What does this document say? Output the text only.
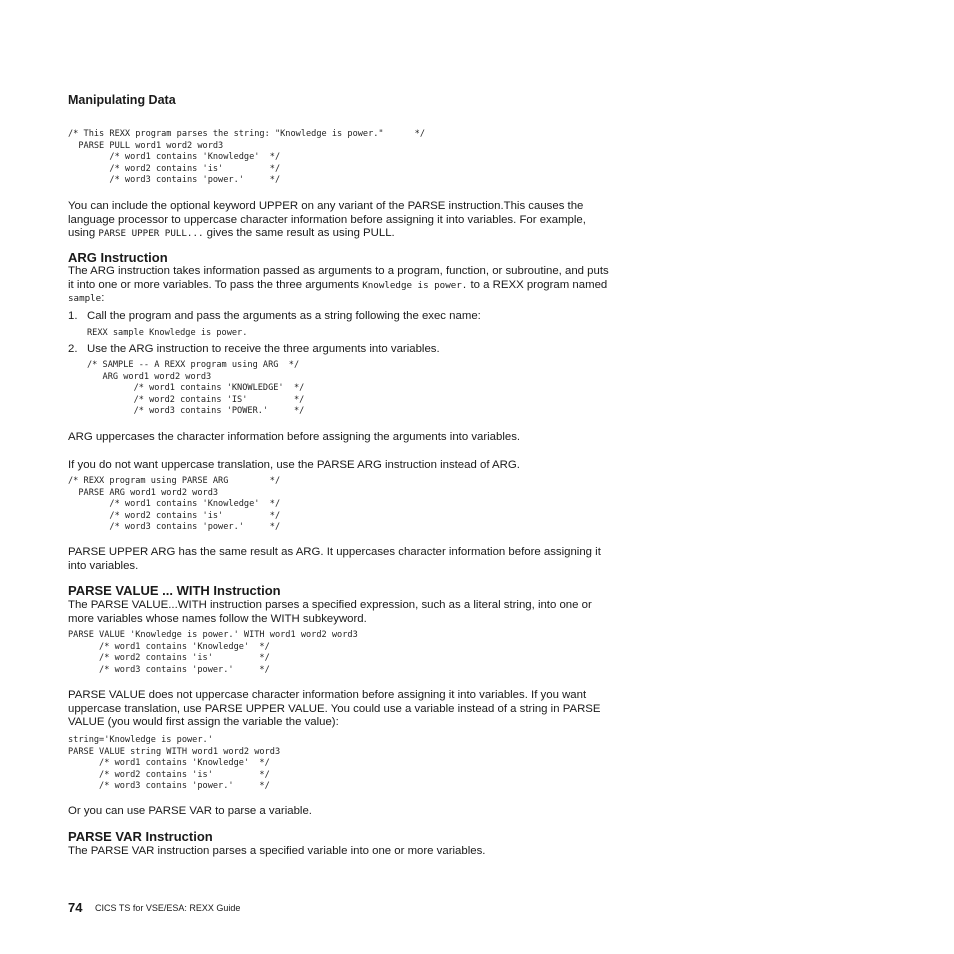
Manipulating Data
/* This REXX program parses the string: "Knowledge is power."      */
PARSE PULL word1 word2 word3
/* word1 contains 'Knowledge'  */
/* word2 contains 'is'         */
/* word3 contains 'power.'     */

You can include the optional keyword UPPER on any variant of the PARSE instruction.This causes the language processor to uppercase character information before assigning it into variables. For example, using PARSE UPPER PULL... gives the same result as using PULL.

ARG Instruction

The ARG instruction takes information passed as arguments to a program, function, or subroutine, and puts it into one or more variables. To pass the three arguments Knowledge is power. to a REXX program named sample:

1. Call the program and pass the arguments as a string following the exec name:

REXX sample Knowledge is power.

2. Use the ARG instruction to receive the three arguments into variables.

/* SAMPLE -- A REXX program using ARG  */
ARG word1 word2 word3
/* word1 contains 'KNOWLEDGE'  */
/* word2 contains 'IS'         */
/* word3 contains 'POWER.'     */

ARG uppercases the character information before assigning the arguments into variables.

If you do not want uppercase translation, use the PARSE ARG instruction instead of ARG.

/* REXX program using PARSE ARG        */
PARSE ARG word1 word2 word3
/* word1 contains 'Knowledge'  */
/* word2 contains 'is'         */
/* word3 contains 'power.'     */

PARSE UPPER ARG has the same result as ARG. It uppercases character information before assigning it into variables.

PARSE VALUE ... WITH Instruction

The PARSE VALUE...WITH instruction parses a specified expression, such as a literal string, into one or more variables whose names follow the WITH subkeyword.

PARSE VALUE 'Knowledge is power.' WITH word1 word2 word3
/* word1 contains 'Knowledge'  */
/* word2 contains 'is'         */
/* word3 contains 'power.'     */

PARSE VALUE does not uppercase character information before assigning it into variables. If you want uppercase translation, use PARSE UPPER VALUE. You could use a variable instead of a string in PARSE VALUE (you would first assign the variable the value):

string='Knowledge is power.'
PARSE VALUE string WITH word1 word2 word3
/* word1 contains 'Knowledge'  */
/* word2 contains 'is'         */
/* word3 contains 'power.'     */

Or you can use PARSE VAR to parse a variable.

PARSE VAR Instruction

The PARSE VAR instruction parses a specified variable into one or more variables.

74 CICS TS for VSE/ESA: REXX Guide
